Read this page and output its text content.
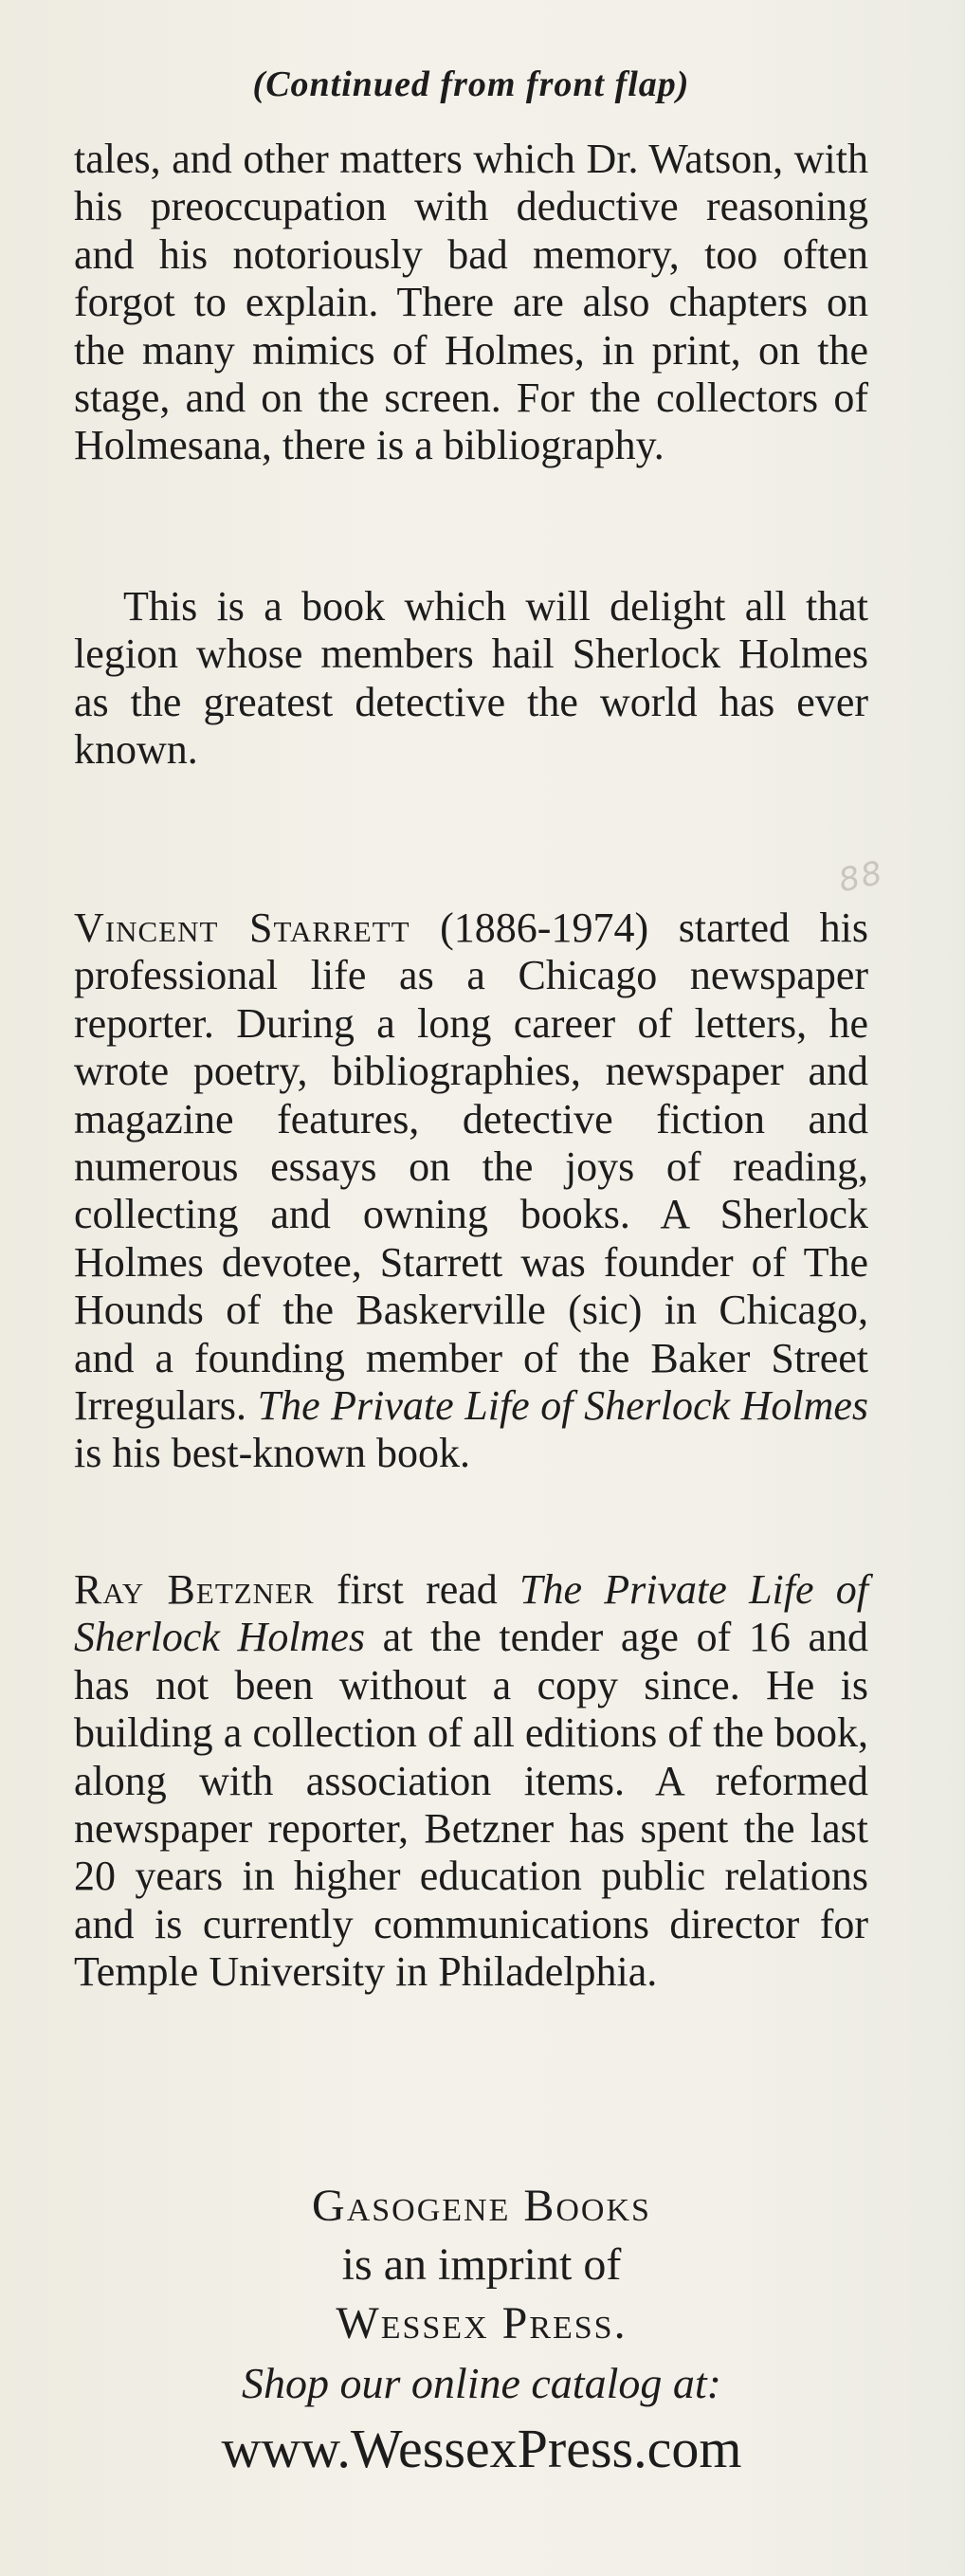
(Continued from front flap)

tales, and other matters which Dr. Watson, with his preoccupation with deductive reasoning and his notoriously bad memory, too often forgot to explain. There are also chapters on the many mimics of Holmes, in print, on the stage, and on the screen. For the collectors of Holmesana, there is a bibliography.

This is a book which will delight all that legion whose members hail Sherlock Holmes as the greatest detective the world has ever known.

88

Vincent Starrett (1886-1974) started his professional life as a Chicago newspaper reporter. During a long career of letters, he wrote poetry, bibliographies, newspaper and magazine features, detective fiction and numerous essays on the joys of reading, collecting and owning books. A Sherlock Holmes devotee, Starrett was founder of The Hounds of the Baskerville (sic) in Chicago, and a founding member of the Baker Street Irregulars. The Private Life of Sherlock Holmes is his best-known book.

Ray Betzner first read The Private Life of Sherlock Holmes at the tender age of 16 and has not been without a copy since. He is building a collection of all editions of the book, along with association items. A reformed newspaper reporter, Betzner has spent the last 20 years in higher education public relations and is currently communications director for Temple University in Philadelphia.

Gasogene Books
is an imprint of
Wessex Press.
Shop our online catalog at:
www.WessexPress.com
